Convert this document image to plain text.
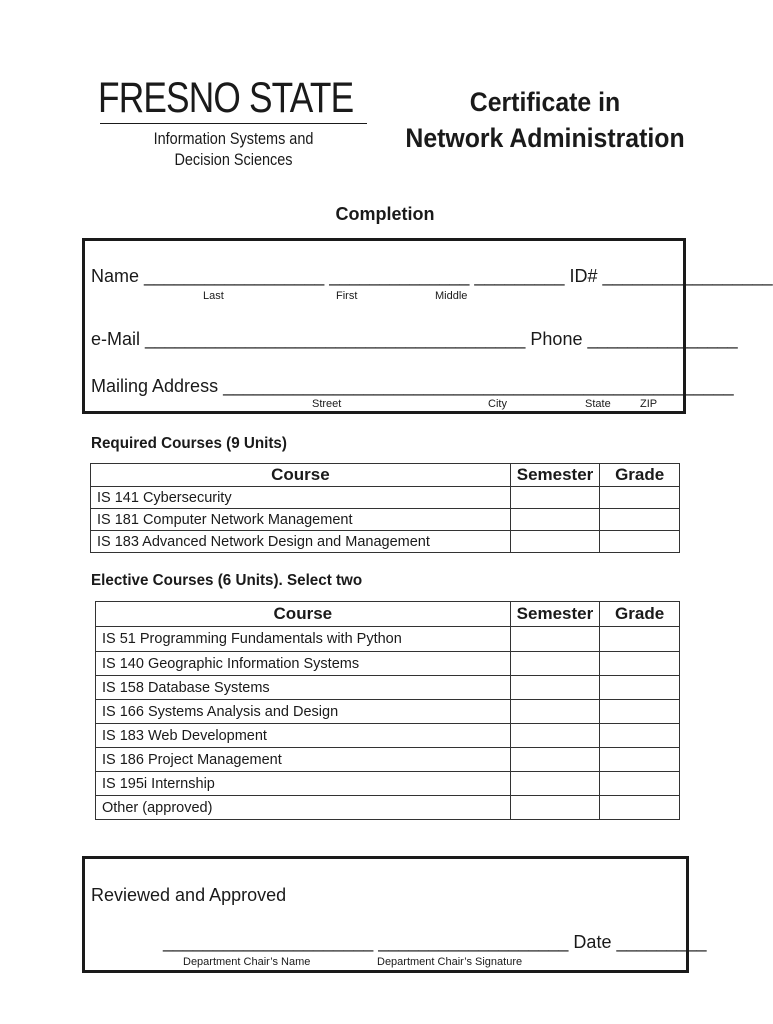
FRESNO STATE
Information Systems and
Decision Sciences
Certificate in
Network Administration
Completion
Name __________________ ______________ _________ ID# _________________
Last	First	Middle
e-Mail ______________________________________ Phone _______________
Mailing Address ___________________________________________________
Street	City	State	ZIP
Required Courses (9 Units)
Course	Semester	Grade
IS 141 Cybersecurity		
IS 181 Computer Network Management		
IS 183 Advanced Network Design and Management		
Elective Courses (6 Units). Select two
Course	Semester	Grade
IS 51 Programming Fundamentals with Python		
IS 140 Geographic Information Systems		
IS 158 Database Systems		
IS 166 Systems Analysis and Design		
IS 183 Web Development		
IS 186 Project Management		
IS 195i Internship		
Other (approved)		
Reviewed and Approved
_____________________ ___________________ Date _________
Department Chair’s Name	Department Chair’s Signature
